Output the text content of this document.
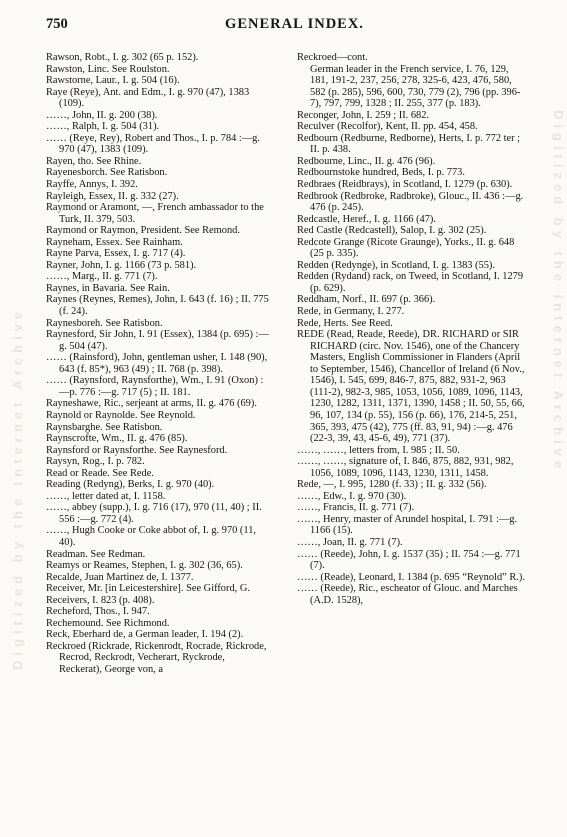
750	GENERAL INDEX.
Digitized by the Internet Archive
Digitized by the Internet Archive

Rawson, Robt., I. g. 302 (65 p. 152).

Rawston, Linc. See Roulston.

Rawstorne, Laur., I. g. 504 (16).

Raye (Reye), Ant. and Edm., I. g. 970 (47), 1383 (109).

……, John, II. g. 200 (38).

……, Ralph, I. g. 504 (31).

…… (Reye, Rey), Robert and Thos., I. p. 784 :—g. 970 (47), 1383 (109).

Rayen, tho. See Rhine.

Rayenesborch. See Ratisbon.

Rayffe, Annys, I. 392.

Rayleigh, Essex, II. g. 332 (27).

Raymond or Aramont, —, French ambassador to the Turk, II. 379, 503.

Raymond or Raymon, President. See Remond.

Rayneham, Essex. See Rainham.

Rayne Parva, Essex, I. g. 717 (4).

Rayner, John, I. g. 1166 (73 p. 581).

……, Marg., II. g. 771 (7).

Raynes, in Bavaria. See Rain.

Raynes (Reynes, Remes), John, I. 643 (f. 16) ; II. 775 (f. 24).

Raynesboreh. See Ratisbon.

Raynesford, Sir John, I. 91 (Essex), 1384 (p. 695) :—g. 504 (47).

…… (Rainsford), John, gentleman usher, I. 148 (90), 643 (f. 85*), 963 (49) ; II. 768 (p. 398).

…… (Raynsford, Raynsforthe), Wm., I. 91 (Oxon) :—p. 776 :—g. 717 (5) ; II. 181.

Rayneshawe, Ric., serjeant at arms, II. g. 476 (69).

Raynold or Raynolde. See Reynold.

Raynsbarghe. See Ratisbon.

Raynscrofte, Wm., II. g. 476 (85).

Raynsford or Raynsforthe. See Raynesford.

Raysyn, Rog., I. p. 782.

Read or Reade. See Rede.

Reading (Redyng), Berks, I. g. 970 (40).

……, letter dated at, I. 1158.

……, abbey (supp.), I. g. 716 (17), 970 (11, 40) ; II. 556 :—g. 772 (4).

……, Hugh Cooke or Coke abbot of, I. g. 970 (11, 40).

Readman. See Redman.

Reamys or Reames, Stephen, I. g. 302 (36, 65).

Recalde, Juan Martinez de, I. 1377.

Receiver, Mr. [in Leicestershire]. See Gifford, G.

Receivers, I. 823 (p. 408).

Recheford, Thos., I. 947.

Rechemound. See Richmond.

Reck, Eberhard de, a German leader, I. 194 (2).

Reckroed (Rickrade, Rickenrodt, Rocrade, Rickrode, Recrod, Reckrodt, Vecherart, Ryckrode, Reckerat), George von, a

Reckroed—cont.

German leader in the French service, I. 76, 129, 181, 191-2, 237, 256, 278, 325-6, 423, 476, 580, 582 (p. 285), 596, 600, 730, 779 (2), 796 (pp. 396-7), 797, 799, 1328 ; II. 255, 377 (p. 183).

Reconger, John, I. 259 ; II. 682.

Reculver (Recolfor), Kent, II. pp. 454, 458.

Redbourn (Redburne, Redborne), Herts, I. p. 772 ter ; II. p. 438.

Redbourne, Linc., II. g. 476 (96).

Redbournstoke hundred, Beds, I. p. 773.

Redbraes (Reidbrays), in Scotland, I. 1279 (p. 630).

Redbrook (Redbroke, Radbroke), Glouc., II. 436 :—g. 476 (p. 245).

Redcastle, Heref., I. g. 1166 (47).

Red Castle (Redcastell), Salop, I. g. 302 (25).

Redcote Grange (Ricote Graunge), Yorks., II. g. 648 (25 p. 335).

Redden (Redynge), in Scotland, I. g. 1383 (55).

Redden (Rydand) rack, on Tweed, in Scotland, I. 1279 (p. 629).

Reddham, Norf., II. 697 (p. 366).

Rede, in Germany, I. 277.

Rede, Herts. See Reed.

REDE (Read, Reade, Reede), DR. RICHARD or SIR RICHARD (circ. Nov. 1546), one of the Chancery Masters, English Commissioner in Flanders (April to September, 1546), Chancellor of Ireland (6 Nov., 1546), I. 545, 699, 846-7, 875, 882, 931-2, 963 (111-2), 982-3, 985, 1053, 1056, 1089, 1096, 1143, 1230, 1282, 1311, 1371, 1390, 1458 ; II. 50, 55, 66, 96, 107, 134 (p. 55), 156 (p. 66), 176, 214-5, 251, 365, 393, 475 (42), 775 (ff. 83, 91, 94) :—g. 476 (22-3, 39, 43, 45-6, 49), 771 (37).

……, ……, letters from, I. 985 ; II. 50.

……, ……, signature of, I. 846, 875, 882, 931, 982, 1056, 1089, 1096, 1143, 1230, 1311, 1458.

Rede, —, I. 995, 1280 (f. 33) ; II. g. 332 (56).

……, Edw., I. g. 970 (30).

……, Francis, II. g. 771 (7).

……, Henry, master of Arundel hospital, I. 791 :—g. 1166 (15).

……, Joan, II. g. 771 (7).

…… (Reede), John, I. g. 1537 (35) ; II. 754 :—g. 771 (7).

…… (Reade), Leonard, I. 1384 (p. 695 “Reynold” R.).

…… (Reede), Ric., escheator of Glouc. and Marches (A.D. 1528),
